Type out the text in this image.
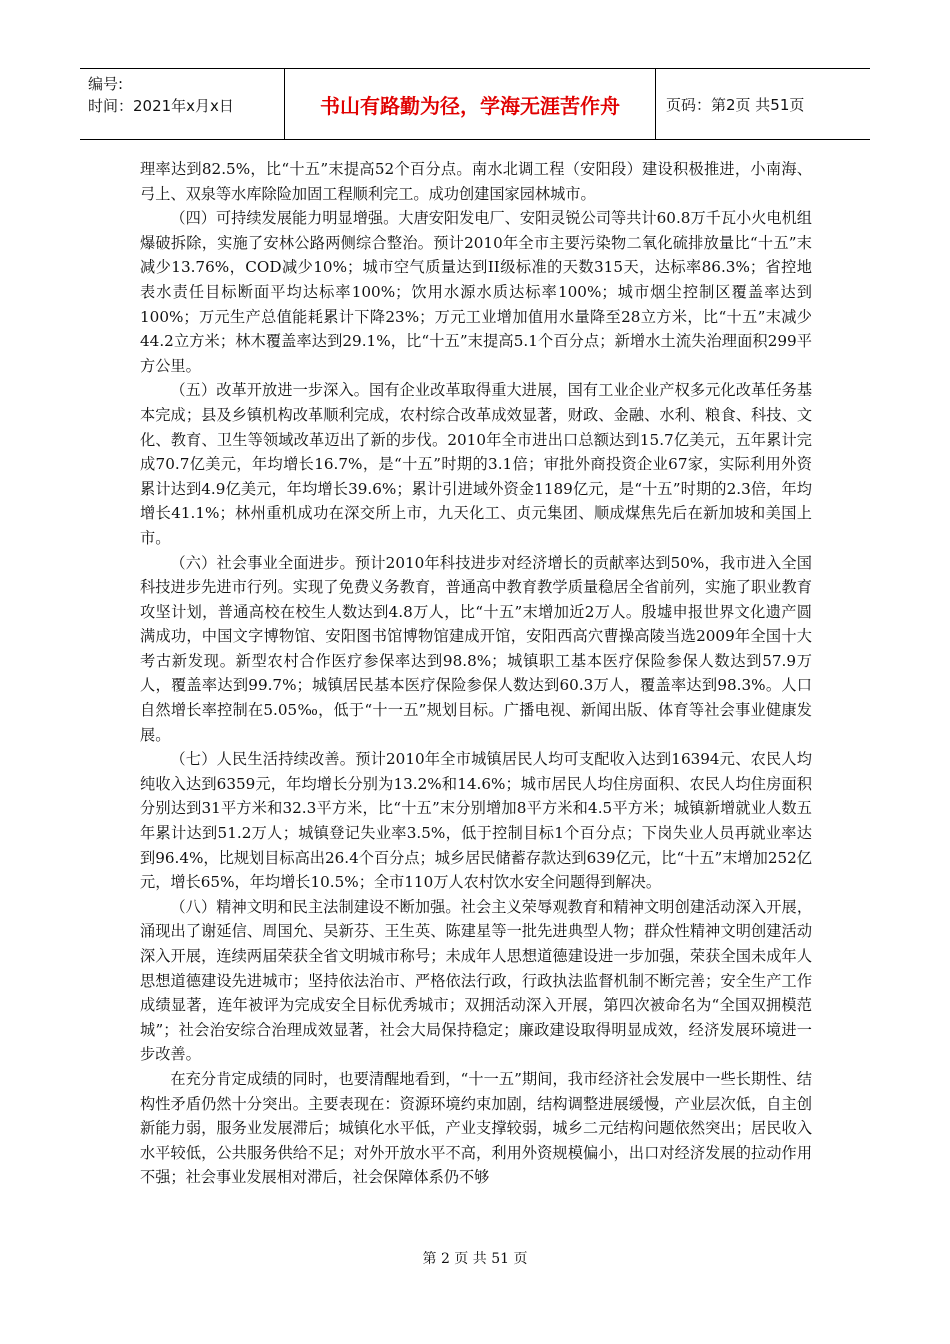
编号:
时间：2021年x月x日	书山有路勤为径，学海无涯苦作舟	页码：第2页 共51页

理率达到82.5%，比“十五”末提高52个百分点。南水北调工程（安阳段）建设积极推进，小南海、弓上、双泉等水库除险加固工程顺利完工。成功创建国家园林城市。

（四）可持续发展能力明显增强。大唐安阳发电厂、安阳灵锐公司等共计60.8万千瓦小火电机组爆破拆除，实施了安林公路两侧综合整治。预计2010年全市主要污染物二氧化硫排放量比“十五”末减少13.76%，COD减少10%；城市空气质量达到II级标准的天数315天，达标率86.3%；省控地表水责任目标断面平均达标率100%；饮用水源水质达标率100%；城市烟尘控制区覆盖率达到100%；万元生产总值能耗累计下降23%；万元工业增加值用水量降至28立方米，比“十五”末减少44.2立方米；林木覆盖率达到29.1%，比“十五”末提高5.1个百分点；新增水土流失治理面积299平方公里。

（五）改革开放进一步深入。国有企业改革取得重大进展，国有工业企业产权多元化改革任务基本完成；县及乡镇机构改革顺利完成，农村综合改革成效显著，财政、金融、水利、粮食、科技、文化、教育、卫生等领域改革迈出了新的步伐。2010年全市进出口总额达到15.7亿美元，五年累计完成70.7亿美元，年均增长16.7%，是“十五”时期的3.1倍；审批外商投资企业67家，实际利用外资累计达到4.9亿美元，年均增长39.6%；累计引进域外资金1189亿元，是“十五”时期的2.3倍，年均增长41.1%；林州重机成功在深交所上市，九天化工、贞元集团、顺成煤焦先后在新加坡和美国上市。

（六）社会事业全面进步。预计2010年科技进步对经济增长的贡献率达到50%，我市进入全国科技进步先进市行列。实现了免费义务教育，普通高中教育教学质量稳居全省前列，实施了职业教育攻坚计划，普通高校在校生人数达到4.8万人，比“十五”末增加近2万人。殷墟申报世界文化遗产圆满成功，中国文字博物馆、安阳图书馆博物馆建成开馆，安阳西高穴曹操高陵当选2009年全国十大考古新发现。新型农村合作医疗参保率达到98.8%；城镇职工基本医疗保险参保人数达到57.9万人，覆盖率达到99.7%；城镇居民基本医疗保险参保人数达到60.3万人，覆盖率达到98.3%。人口自然增长率控制在5.05‰，低于“十一五”规划目标。广播电视、新闻出版、体育等社会事业健康发展。

（七）人民生活持续改善。预计2010年全市城镇居民人均可支配收入达到16394元、农民人均纯收入达到6359元，年均增长分别为13.2%和14.6%；城市居民人均住房面积、农民人均住房面积分别达到31平方米和32.3平方米，比“十五”末分别增加8平方米和4.5平方米；城镇新增就业人数五年累计达到51.2万人；城镇登记失业率3.5%，低于控制目标1个百分点；下岗失业人员再就业率达到96.4%，比规划目标高出26.4个百分点；城乡居民储蓄存款达到639亿元，比“十五”末增加252亿元，增长65%，年均增长10.5%；全市110万人农村饮水安全问题得到解决。

（八）精神文明和民主法制建设不断加强。社会主义荣辱观教育和精神文明创建活动深入开展，涌现出了谢延信、周国允、吴新芬、王生英、陈建星等一批先进典型人物；群众性精神文明创建活动深入开展，连续两届荣获全省文明城市称号；未成年人思想道德建设进一步加强，荣获全国未成年人思想道德建设先进城市；坚持依法治市、严格依法行政，行政执法监督机制不断完善；安全生产工作成绩显著，连年被评为完成安全目标优秀城市；双拥活动深入开展，第四次被命名为“全国双拥模范城”；社会治安综合治理成效显著，社会大局保持稳定；廉政建设取得明显成效，经济发展环境进一步改善。

在充分肯定成绩的同时，也要清醒地看到，“十一五”期间，我市经济社会发展中一些长期性、结构性矛盾仍然十分突出。主要表现在：资源环境约束加剧，结构调整进展缓慢，产业层次低，自主创新能力弱，服务业发展滞后；城镇化水平低，产业支撑较弱，城乡二元结构问题依然突出；居民收入水平较低，公共服务供给不足；对外开放水平不高，利用外资规模偏小，出口对经济发展的拉动作用不强；社会事业发展相对滞后，社会保障体系仍不够

第 2 页 共 51 页
